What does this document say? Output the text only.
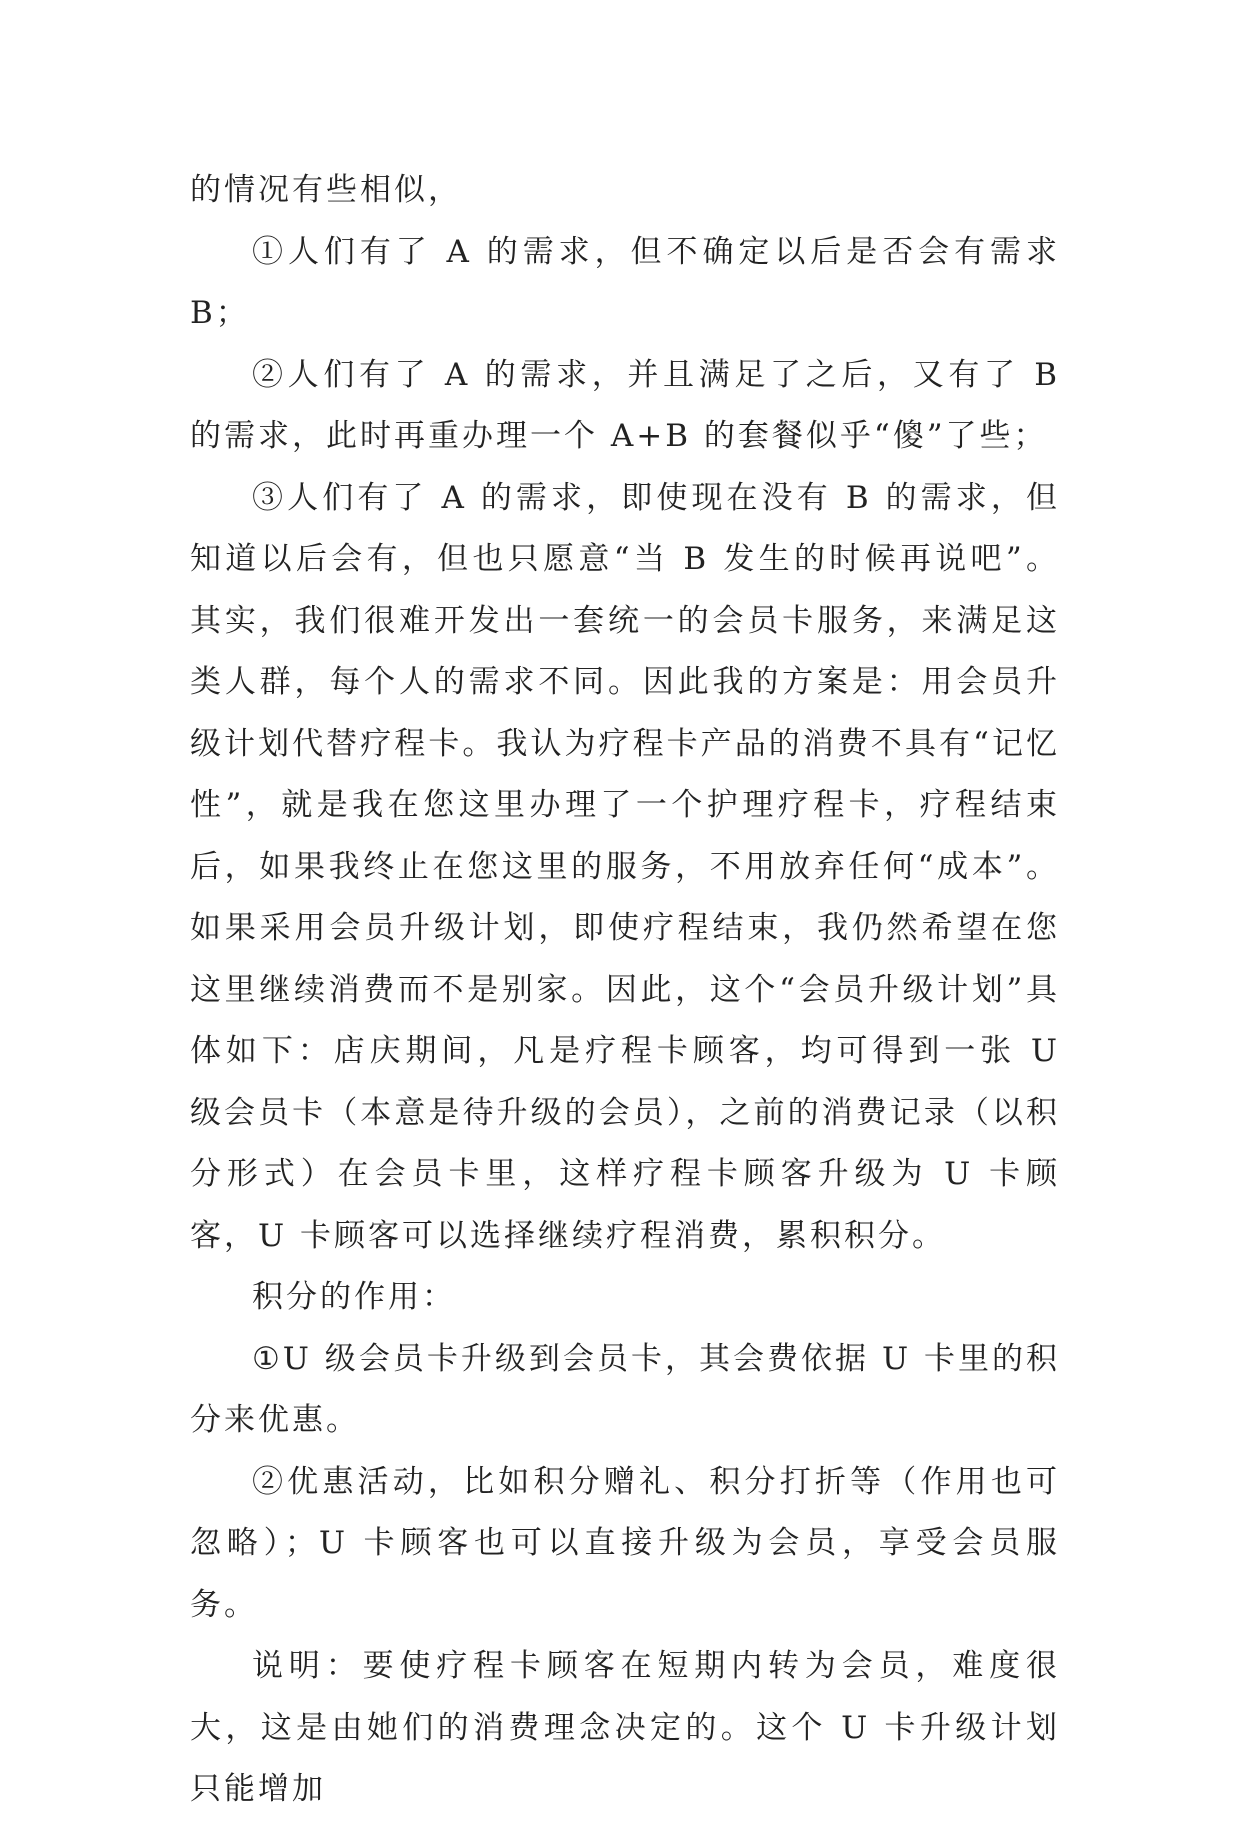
的情况有些相似，

①人们有了 A 的需求，但不确定以后是否会有需求 B；

②人们有了 A 的需求，并且满足了之后，又有了 B 的需求，此时再重办理一个 A+B 的套餐似乎“傻”了些；

③人们有了 A 的需求，即使现在没有 B 的需求，但知道以后会有，但也只愿意“当 B 发生的时候再说吧”。其实，我们很难开发出一套统一的会员卡服务，来满足这类人群，每个人的需求不同。因此我的方案是：用会员升级计划代替疗程卡。我认为疗程卡产品的消费不具有“记忆性”，就是我在您这里办理了一个护理疗程卡，疗程结束后，如果我终止在您这里的服务，不用放弃任何“成本”。如果采用会员升级计划，即使疗程结束，我仍然希望在您这里继续消费而不是别家。因此，这个“会员升级计划”具体如下：店庆期间，凡是疗程卡顾客，均可得到一张 U 级会员卡（本意是待升级的会员），之前的消费记录（以积分形式）在会员卡里，这样疗程卡顾客升级为 U 卡顾客，U 卡顾客可以选择继续疗程消费，累积积分。

积分的作用：

①U 级会员卡升级到会员卡，其会费依据 U 卡里的积分来优惠。

②优惠活动，比如积分赠礼、积分打折等（作用也可忽略）；U 卡顾客也可以直接升级为会员，享受会员服务。

说明：要使疗程卡顾客在短期内转为会员，难度很大，这是由她们的消费理念决定的。这个 U 卡升级计划只能增加
